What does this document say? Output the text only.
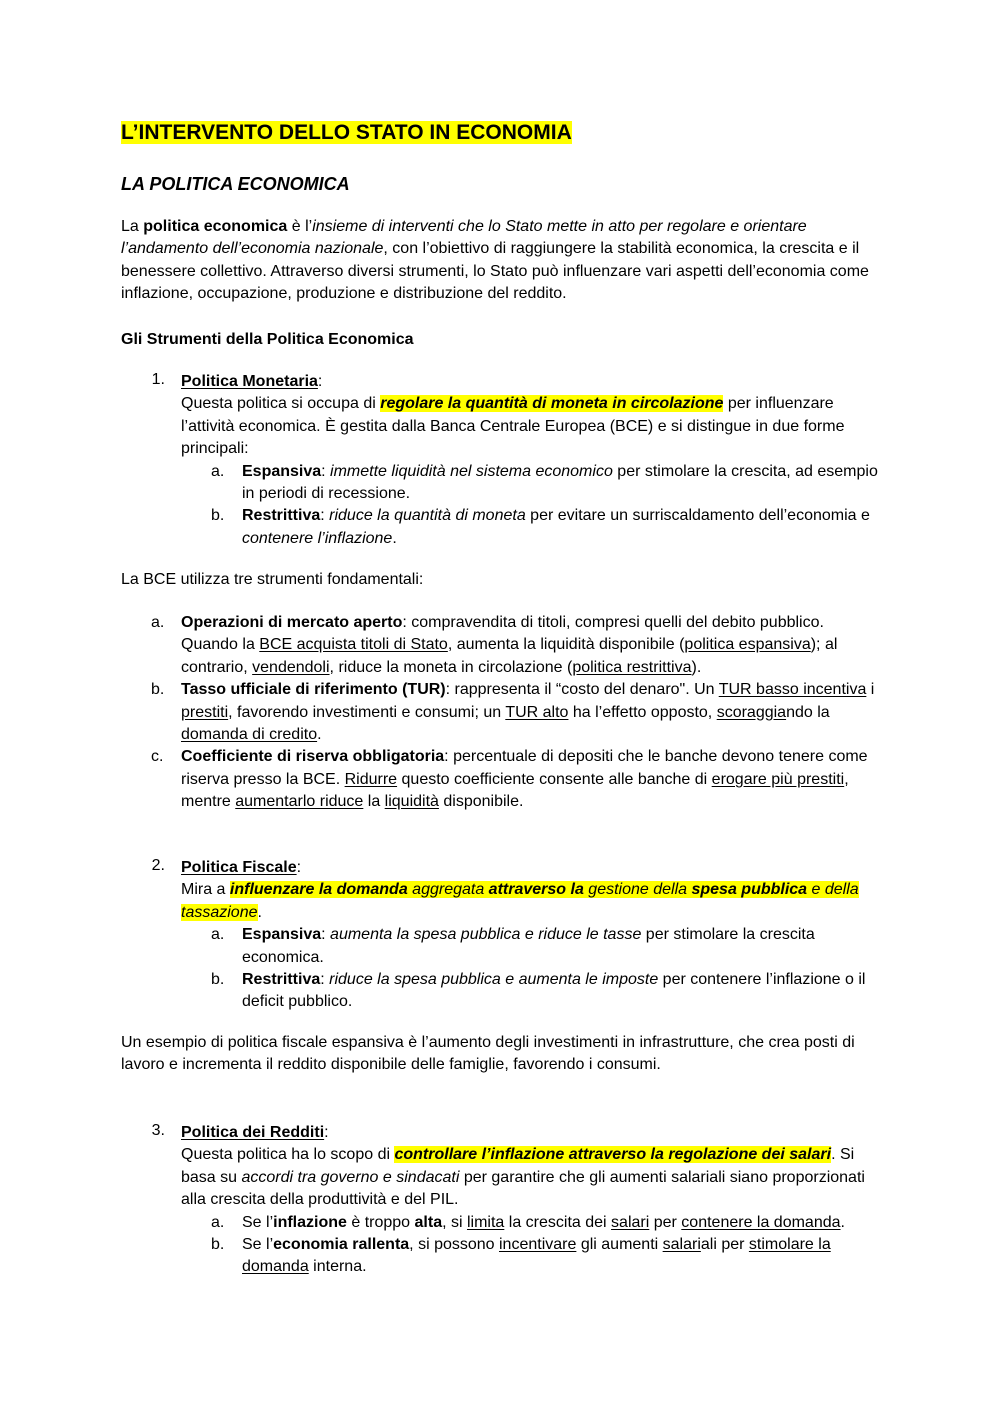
L’INTERVENTO DELLO STATO IN ECONOMIA
LA POLITICA ECONOMICA

La politica economica è l’insieme di interventi che lo Stato mette in atto per regolare e orientare l’andamento dell’economia nazionale, con l’obiettivo di raggiungere la stabilità economica, la crescita e il benessere collettivo. Attraverso diversi strumenti, lo Stato può influenzare vari aspetti dell’economia come inflazione, occupazione, produzione e distribuzione del reddito.

Gli Strumenti della Politica Economica

1. Politica Monetaria:
Questa politica si occupa di regolare la quantità di moneta in circolazione per influenzare l’attività economica. È gestita dalla Banca Centrale Europea (BCE) e si distingue in due forme principali:
a. Espansiva: immette liquidità nel sistema economico per stimolare la crescita, ad esempio in periodi di recessione.
b. Restrittiva: riduce la quantità di moneta per evitare un surriscaldamento dell’economia e contenere l’inflazione.

La BCE utilizza tre strumenti fondamentali:

a. Operazioni di mercato aperto: compravendita di titoli, compresi quelli del debito pubblico. Quando la BCE acquista titoli di Stato, aumenta la liquidità disponibile (politica espansiva); al contrario, vendendoli, riduce la moneta in circolazione (politica restrittiva).
b. Tasso ufficiale di riferimento (TUR): rappresenta il “costo del denaro". Un TUR basso incentiva i prestiti, favorendo investimenti e consumi; un TUR alto ha l’effetto opposto, scoraggiando la domanda di credito.
c. Coefficiente di riserva obbligatoria: percentuale di depositi che le banche devono tenere come riserva presso la BCE. Ridurre questo coefficiente consente alle banche di erogare più prestiti, mentre aumentarlo riduce la liquidità disponibile.
2. Politica Fiscale:
Mira a influenzare la domanda aggregata attraverso la gestione della spesa pubblica e della tassazione.
a. Espansiva: aumenta la spesa pubblica e riduce le tasse per stimolare la crescita economica.
b. Restrittiva: riduce la spesa pubblica e aumenta le imposte per contenere l’inflazione o il deficit pubblico.

Un esempio di politica fiscale espansiva è l’aumento degli investimenti in infrastrutture, che crea posti di lavoro e incrementa il reddito disponibile delle famiglie, favorendo i consumi.

3. Politica dei Redditi:
Questa politica ha lo scopo di controllare l’inflazione attraverso la regolazione dei salari. Si basa su accordi tra governo e sindacati per garantire che gli aumenti salariali siano proporzionati alla crescita della produttività e del PIL.
a. Se l’inflazione è troppo alta, si limita la crescita dei salari per contenere la domanda.
b. Se l’economia rallenta, si possono incentivare gli aumenti salariali per stimolare la domanda interna.
